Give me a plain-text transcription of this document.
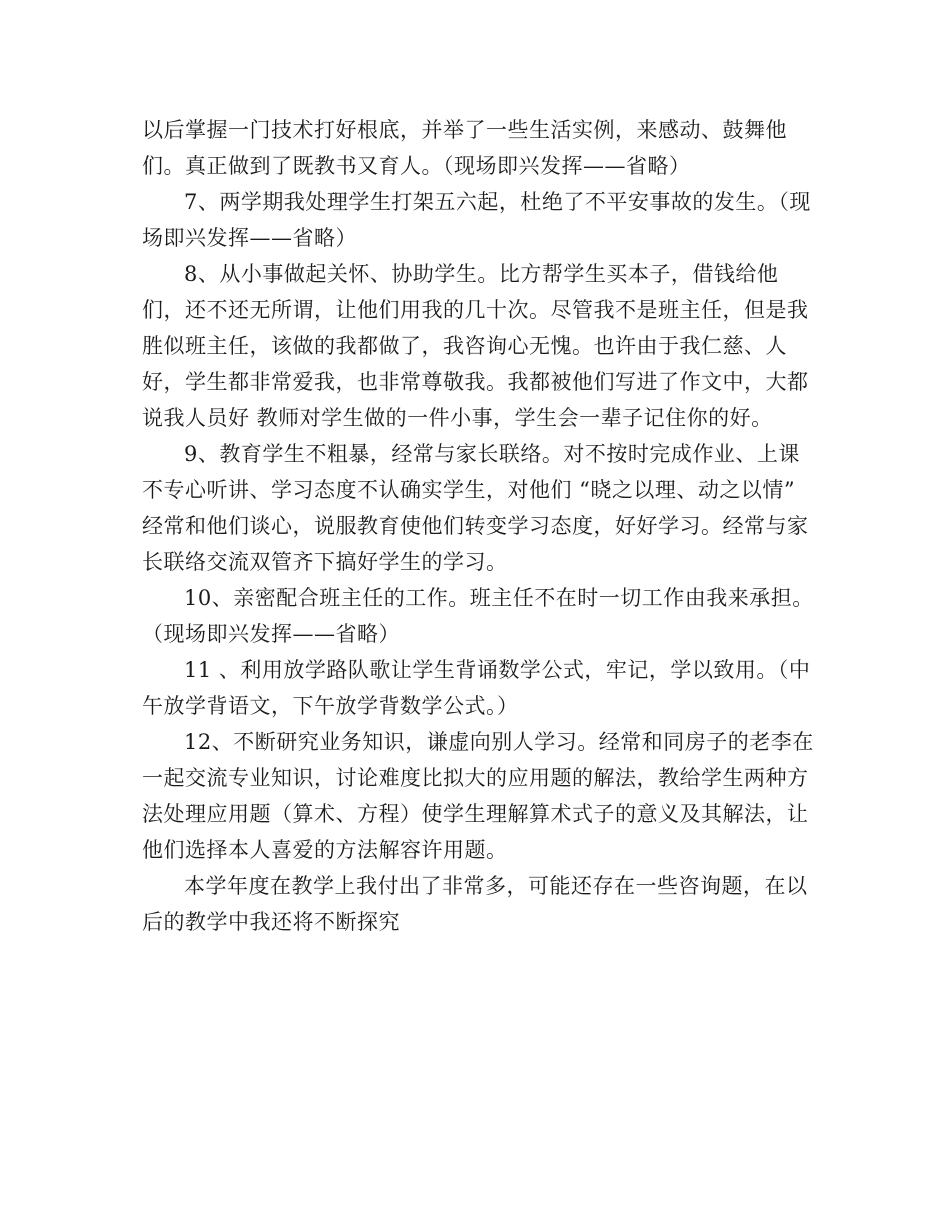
以后掌握一门技术打好根底，并举了一些生活实例，来感动、鼓舞他们。真正做到了既教书又育人。（现场即兴发挥——省略）

7、两学期我处理学生打架五六起，杜绝了不平安事故的发生。（现场即兴发挥——省略）

8、从小事做起关怀、协助学生。比方帮学生买本子，借钱给他们，还不还无所谓，让他们用我的几十次。尽管我不是班主任，但是我胜似班主任，该做的我都做了，我咨询心无愧。也许由于我仁慈、人好，学生都非常爱我，也非常尊敬我。我都被他们写进了作文中，大都说我人员好 教师对学生做的一件小事，学生会一辈子记住你的好。

9、教育学生不粗暴，经常与家长联络。对不按时完成作业、上课不专心听讲、学习态度不认确实学生，对他们 “晓之以理、动之以情” 经常和他们谈心，说服教育使他们转变学习态度，好好学习。经常与家长联络交流双管齐下搞好学生的学习。

10、亲密配合班主任的工作。班主任不在时一切工作由我来承担。（现场即兴发挥——省略）

11 、利用放学路队歌让学生背诵数学公式，牢记，学以致用。（中午放学背语文，下午放学背数学公式。）

12、不断研究业务知识，谦虚向别人学习。经常和同房子的老李在一起交流专业知识，讨论难度比拟大的应用题的解法，教给学生两种方法处理应用题（算术、方程）使学生理解算术式子的意义及其解法，让他们选择本人喜爱的方法解容许用题。

本学年度在教学上我付出了非常多，可能还存在一些咨询题，在以后的教学中我还将不断探究
